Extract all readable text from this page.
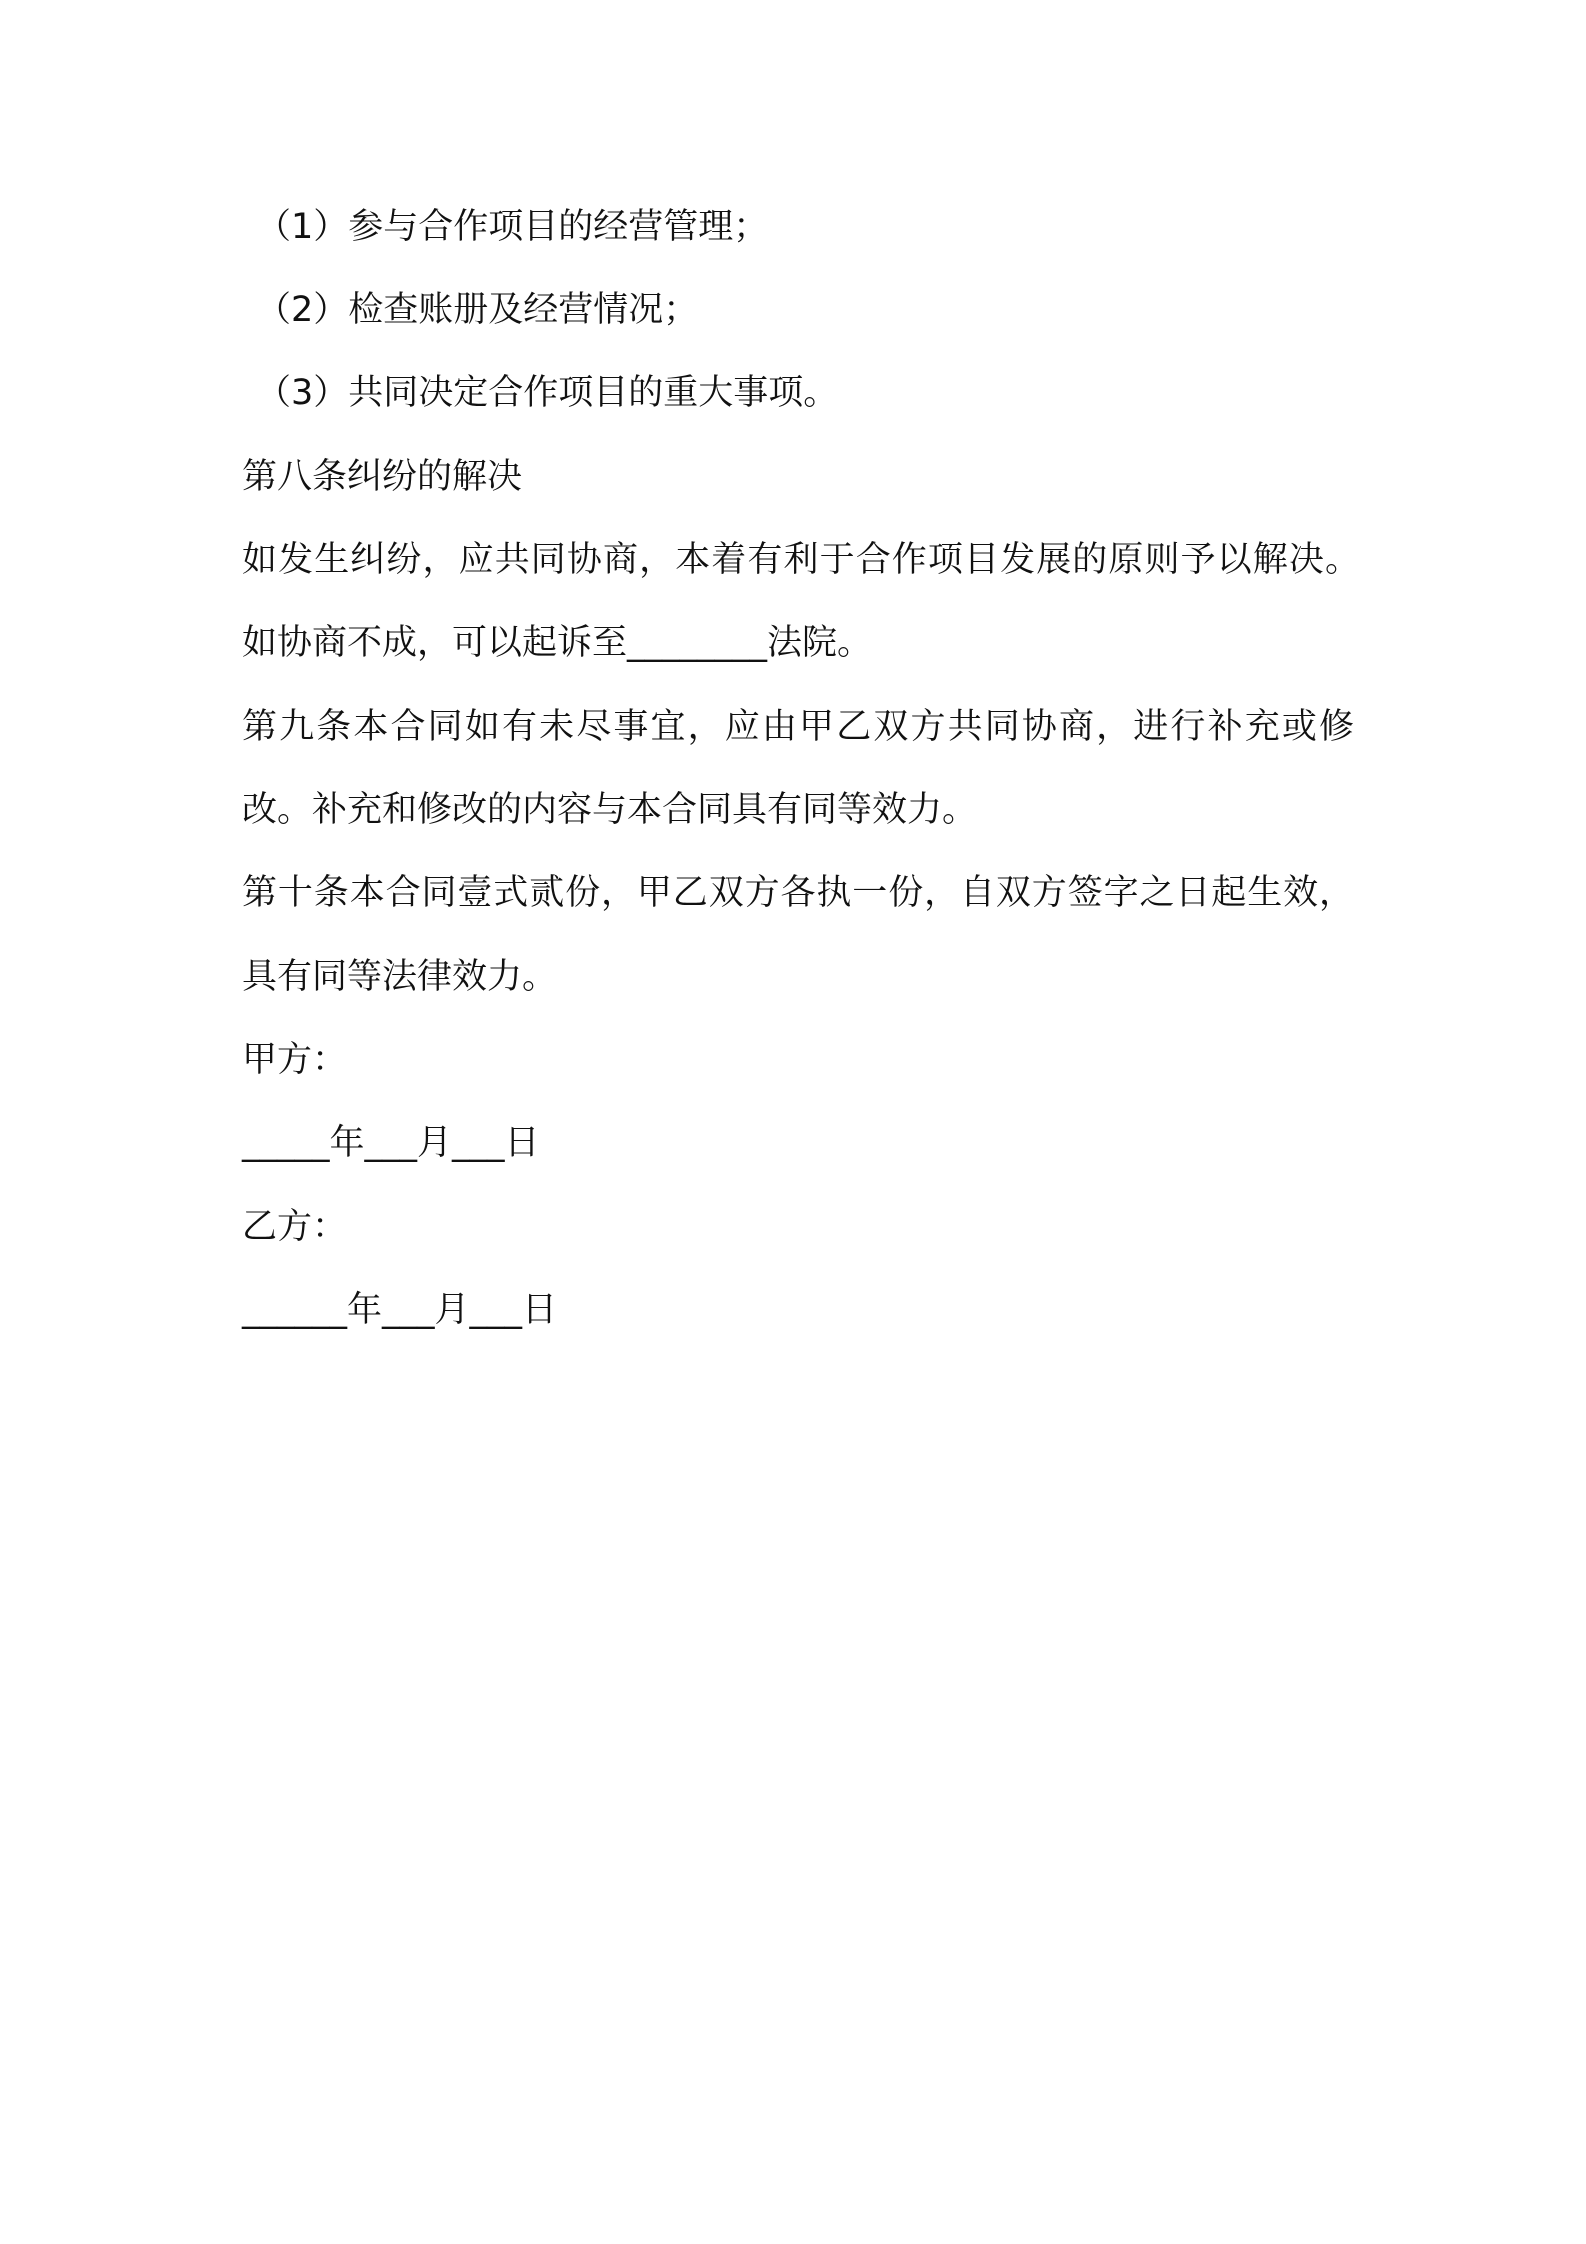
（1）参与合作项目的经营管理；
（2）检查账册及经营情况；
（3）共同决定合作项目的重大事项。
第八条纠纷的解决
如发生纠纷，应共同协商，本着有利于合作项目发展的原则予以解决。
如协商不成，可以起诉至________法院。
第九条本合同如有未尽事宜，应由甲乙双方共同协商，进行补充或修
改。补充和修改的内容与本合同具有同等效力。
第十条本合同壹式贰份，甲乙双方各执一份，自双方签字之日起生效，
具有同等法律效力。
甲方：
_____年___月___日
乙方：
______年___月___日
